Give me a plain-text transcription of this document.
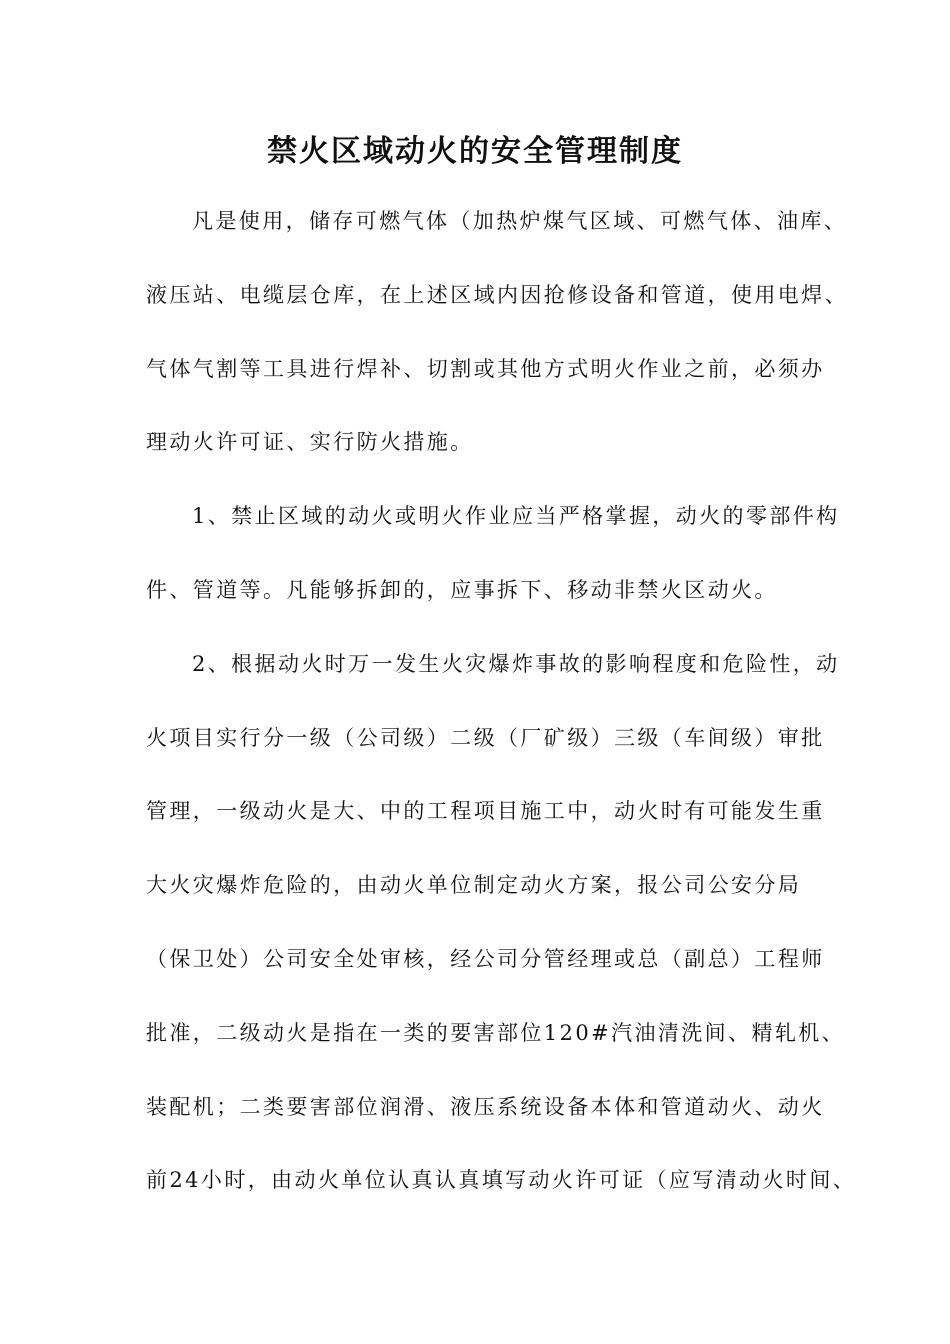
禁火区域动火的安全管理制度
凡是使用，储存可燃气体（加热炉煤气区域、可燃气体、油库、
液压站、电缆层仓库，在上述区域内因抢修设备和管道，使用电焊、
气体气割等工具进行焊补、切割或其他方式明火作业之前，必须办
理动火许可证、实行防火措施。
1、禁止区域的动火或明火作业应当严格掌握，动火的零部件构
件、管道等。凡能够拆卸的，应事拆下、移动非禁火区动火。
2、根据动火时万一发生火灾爆炸事故的影响程度和危险性，动
火项目实行分一级（公司级）二级（厂矿级）三级（车间级）审批
管理，一级动火是大、中的工程项目施工中，动火时有可能发生重
大火灾爆炸危险的，由动火单位制定动火方案，报公司公安分局
（保卫处）公司安全处审核，经公司分管经理或总（副总）工程师
批准，二级动火是指在一类的要害部位120#汽油清洗间、精轧机、
装配机；二类要害部位润滑、液压系统设备本体和管道动火、动火
前24小时，由动火单位认真认真填写动火许可证（应写清动火时间、
